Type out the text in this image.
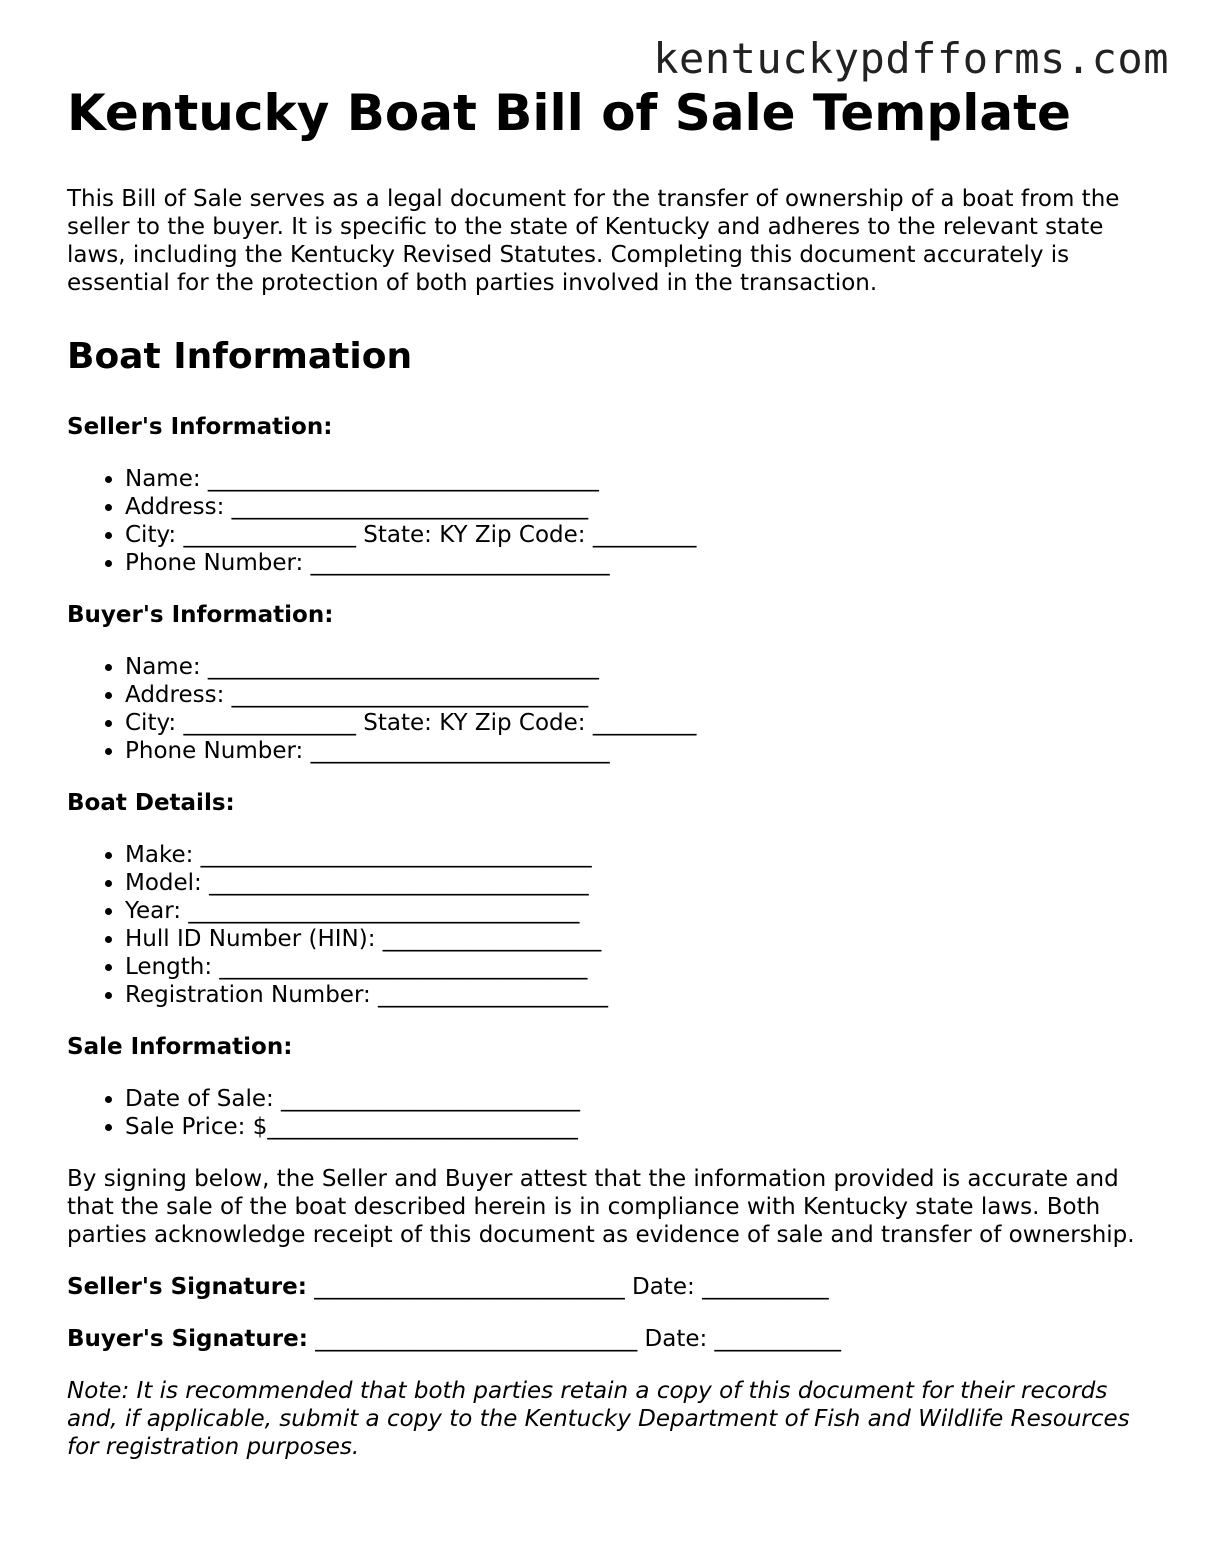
kentuckypdfforms.com
Kentucky Boat Bill of Sale Template

This Bill of Sale serves as a legal document for the transfer of ownership of a boat from the seller to the buyer. It is specific to the state of Kentucky and adheres to the relevant state laws, including the Kentucky Revised Statutes. Completing this document accurately is essential for the protection of both parties involved in the transaction.

Boat Information
Seller's Information:
• Name: __________________________________
• Address: _______________________________
• City: _______________ State: KY Zip Code: _________
• Phone Number: __________________________
Buyer's Information:
• Name: __________________________________
• Address: _______________________________
• City: _______________ State: KY Zip Code: _________
• Phone Number: __________________________
Boat Details:
• Make: __________________________________
• Model: _________________________________
• Year: __________________________________
• Hull ID Number (HIN): ___________________
• Length: ________________________________
• Registration Number: ____________________
Sale Information:
• Date of Sale: __________________________
• Sale Price: $___________________________

By signing below, the Seller and Buyer attest that the information provided is accurate and that the sale of the boat described herein is in compliance with Kentucky state laws. Both parties acknowledge receipt of this document as evidence of sale and transfer of ownership.

Seller's Signature: ___________________________ Date: ___________
Buyer's Signature: ____________________________ Date: ___________

Note: It is recommended that both parties retain a copy of this document for their records and, if applicable, submit a copy to the Kentucky Department of Fish and Wildlife Resources for registration purposes.
